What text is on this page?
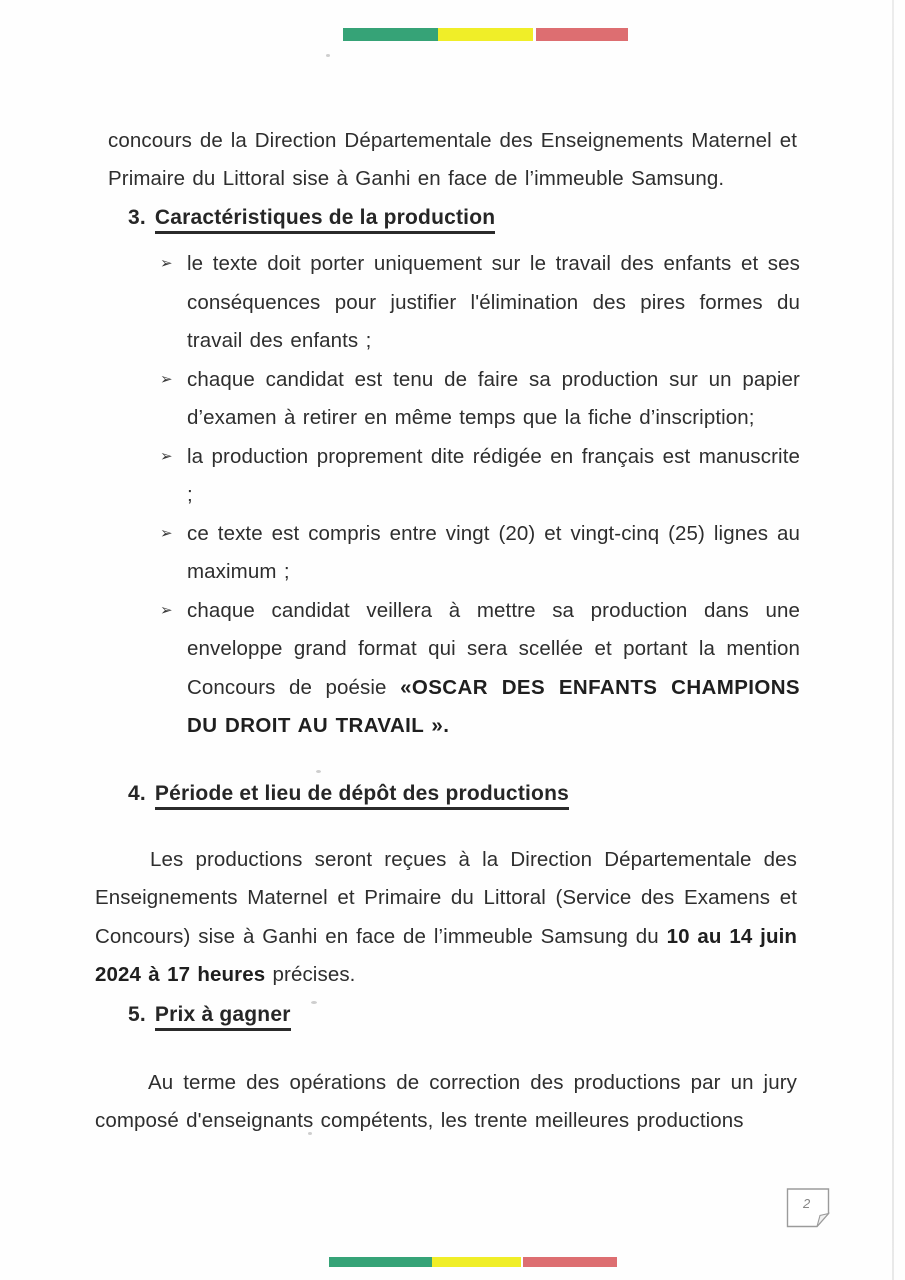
concours de la Direction Départementale des Enseignements Maternel et Primaire du Littoral sise à Ganhi en face de l’immeuble Samsung.

3. Caractéristiques de la production
➢ le texte doit porter uniquement sur le travail des enfants et ses conséquences pour justifier l'élimination des pires formes du travail des enfants ;
➢ chaque candidat est tenu de faire sa production sur un papier d’examen à retirer en même temps que la fiche d’inscription;
➢ la production proprement dite rédigée en français est manuscrite ;
➢ ce texte est compris entre vingt (20) et vingt-cinq (25) lignes au maximum ;
➢ chaque candidat veillera à mettre sa production dans une enveloppe grand format qui sera scellée et portant la mention Concours de poésie «OSCAR DES ENFANTS CHAMPIONS DU DROIT AU TRAVAIL ».
4. Période et lieu de dépôt des productions

Les productions seront reçues à la Direction Départementale des Enseignements Maternel et Primaire du Littoral (Service des Examens et Concours) sise à Ganhi en face de l’immeuble Samsung du 10 au 14 juin 2024 à 17 heures précises.

5. Prix à gagner

Au terme des opérations de correction des productions par un jury composé d'enseignants compétents, les trente meilleures productions

2
